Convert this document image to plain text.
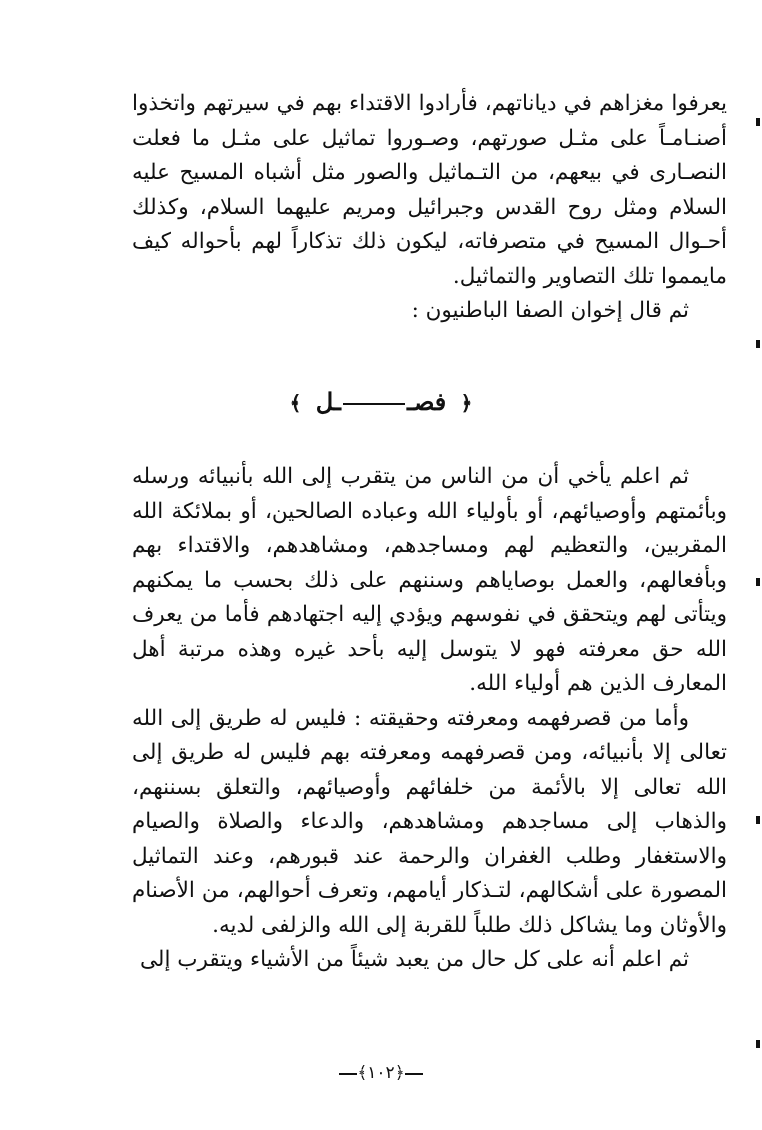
يعرفوا مغزاهم في دياناتهم، فأرادوا الاقتداء بهم في سيرتهم واتخذوا أصنـامـاً على مثـل صورتهم، وصـوروا تماثيل على مثـل ما فعلت النصـارى في بيعهم، من التـماثيل والصور مثل أشباه المسيح عليه السلام ومثل روح القدس وجبرائيل ومريم عليهما السلام، وكذلك أحـوال المسيح في متصرفاته، ليكون ذلك تذكاراً لهم بأحواله كيف مايمموا تلك التصاوير والتماثيل.

ثم قال إخوان الصفا الباطنيون :

﴿ فصــل ﴾

ثم اعلم يأخي أن من الناس من يتقرب إلى الله بأنبيائه ورسله وبأئمتهم وأوصيائهم، أو بأولياء الله وعباده الصالحين، أو بملائكة الله المقربين، والتعظيم لهم ومساجدهم، ومشاهدهم، والاقتداء بهم وبأفعالهم، والعمل بوصاياهم وسننهم على ذلك بحسب ما يمكنهم ويتأتى لهم ويتحقق في نفوسهم ويؤدي إليه اجتهادهم فأما من يعرف الله حق معرفته فهو لا يتوسل إليه بأحد غيره وهذه مرتبة أهل المعارف الذين هم أولياء الله.

وأما من قصرفهمه ومعرفته وحقيقته : فليس له طريق إلى الله تعالى إلا بأنبيائه، ومن قصرفهمه ومعرفته بهم فليس له طريق إلى الله تعالى إلا بالأئمة من خلفائهم وأوصيائهم، والتعلق بسننهم، والذهاب إلى مساجدهم ومشاهدهم، والدعاء والصلاة والصيام والاستغفار وطلب الغفران والرحمة عند قبورهم، وعند التماثيل المصورة على أشكالهم، لتـذكار أيامهم، وتعرف أحوالهم، من الأصنام والأوثان وما يشاكل ذلك طلباً للقربة إلى الله والزلفى لديه.

ثم اعلم أنه على كل حال من يعبد شيئاً من الأشياء ويتقرب إلى

﴿١٠٢﴾
